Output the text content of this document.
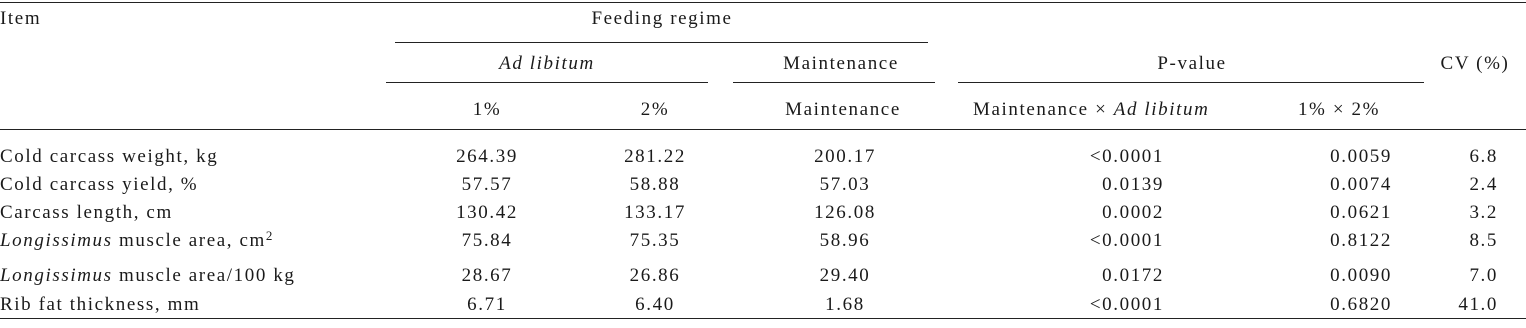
Item	Feeding regime
Ad libitum	Maintenance	P-value	CV (%)
1%	2%	Maintenance	Maintenance × Ad libitum	1% × 2%
Cold carcass weight, kg	264.39	281.22	200.17	<0.0001	0.0059	6.8
Cold carcass yield, %	57.57	58.88	57.03	0.0139	0.0074	2.4
Carcass length, cm	130.42	133.17	126.08	0.0002	0.0621	3.2
Longissimus muscle area, $cm^2$	75.84	75.35	58.96	<0.0001	0.8122	8.5
Longissimus muscle area/100 kg	28.67	26.86	29.40	0.0172	0.0090	7.0
Rib fat thickness, mm	6.71	6.40	1.68	<0.0001	0.6820	41.0
